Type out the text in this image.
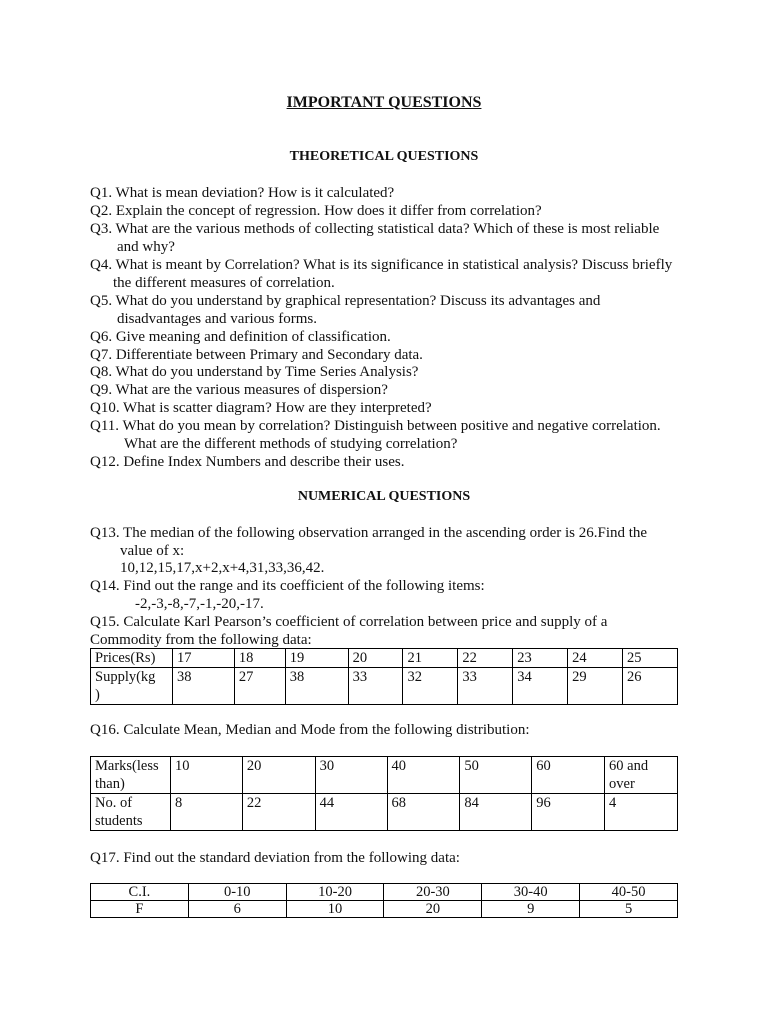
IMPORTANT QUESTIONS
THEORETICAL QUESTIONS
Q1. What is mean deviation? How is it calculated?
Q2. Explain the concept of regression. How does it differ from correlation?
Q3. What are the various methods of collecting statistical data? Which of these is most reliable
and why?
Q4. What is meant by Correlation? What is its significance in statistical analysis? Discuss briefly
the different measures of correlation.
Q5. What do you understand by graphical representation? Discuss its advantages and
disadvantages and various forms.
Q6. Give meaning and definition of classification.
Q7. Differentiate between Primary and Secondary data.
Q8. What do you understand by Time Series Analysis?
Q9. What are the various measures of dispersion?
Q10. What is scatter diagram? How are they interpreted?
Q11. What do you mean by correlation? Distinguish between positive and negative correlation.
What are the different methods of studying correlation?
Q12. Define Index Numbers and describe their uses.
NUMERICAL QUESTIONS
Q13. The median of the following observation arranged in the ascending order is 26.Find the
value of x:
10,12,15,17,x+2,x+4,31,33,36,42.
Q14. Find out the range and its coefficient of the following items:
-2,-3,-8,-7,-1,-20,-17.
Q15. Calculate Karl Pearson’s coefficient of correlation between price and supply of a
Commodity from the following data:
Prices(Rs)	17	18	19	20	21	22	23	24	25
Supply(kg
)	38	27	38	33	32	33	34	29	26
Q16. Calculate Mean, Median and Mode from the following distribution:
Marks(less
than)	10	20	30	40	50	60	60 and
over
No. of
students	8	22	44	68	84	96	4
Q17. Find out the standard deviation from the following data:
C.I.	0-10	10-20	20-30	30-40	40-50
F	6	10	20	9	5
